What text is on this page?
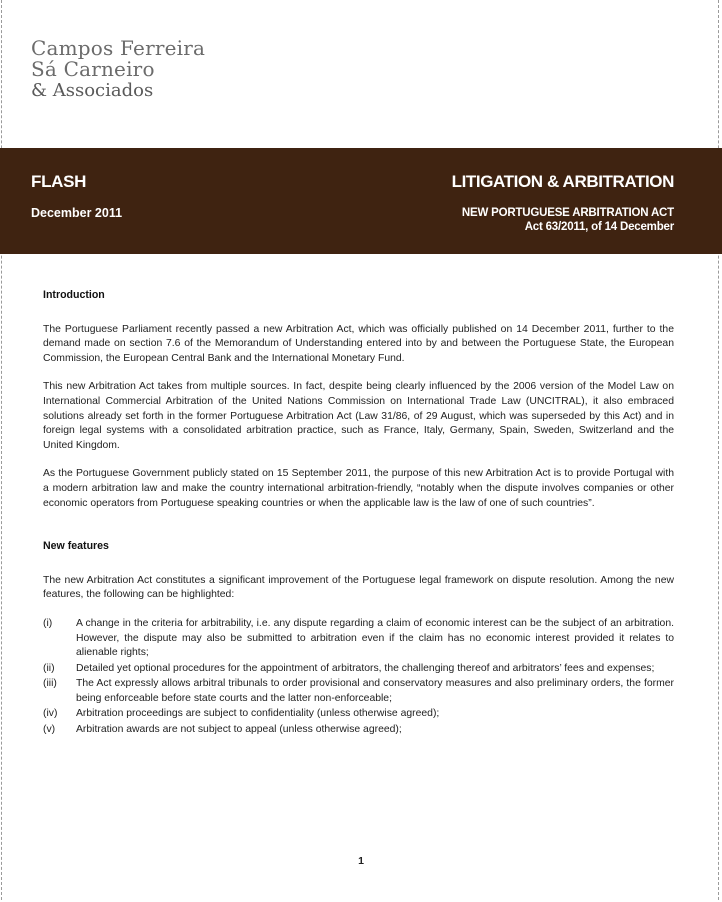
Campos Ferreira
Sá Carneiro
& Associados
FLASH
December 2011
LITIGATION & ARBITRATION
NEW PORTUGUESE ARBITRATION ACT
Act 63/2011, of 14 December
Introduction

The Portuguese Parliament recently passed a new Arbitration Act, which was officially published on 14 December 2011, further to the demand made on section 7.6 of the Memorandum of Understanding entered into by and between the Portuguese State, the European Commission, the European Central Bank and the International Monetary Fund.

This new Arbitration Act takes from multiple sources. In fact, despite being clearly influenced by the 2006 version of the Model Law on International Commercial Arbitration of the United Nations Commission on International Trade Law (UNCITRAL), it also embraced solutions already set forth in the former Portuguese Arbitration Act (Law 31/86, of 29 August, which was superseded by this Act) and in foreign legal systems with a consolidated arbitration practice, such as France, Italy, Germany, Spain, Sweden, Switzerland and the United Kingdom.

As the Portuguese Government publicly stated on 15 September 2011, the purpose of this new Arbitration Act is to provide Portugal with a modern arbitration law and make the country international arbitration-friendly, “notably when the dispute involves companies or other economic operators from Portuguese speaking countries or when the applicable law is the law of one of such countries”.

New features

The new Arbitration Act constitutes a significant improvement of the Portuguese legal framework on dispute resolution. Among the new features, the following can be highlighted:

(i)	A change in the criteria for arbitrability, i.e. any dispute regarding a claim of economic interest can be the subject of an arbitration. However, the dispute may also be submitted to arbitration even if the claim has no economic interest provided it relates to alienable rights;
(ii)	Detailed yet optional procedures for the appointment of arbitrators, the challenging thereof and arbitrators’ fees and expenses;
(iii)	The Act expressly allows arbitral tribunals to order provisional and conservatory measures and also preliminary orders, the former being enforceable before state courts and the latter non-enforceable;
(iv)	Arbitration proceedings are subject to confidentiality (unless otherwise agreed);
(v)	Arbitration awards are not subject to appeal (unless otherwise agreed);
1
